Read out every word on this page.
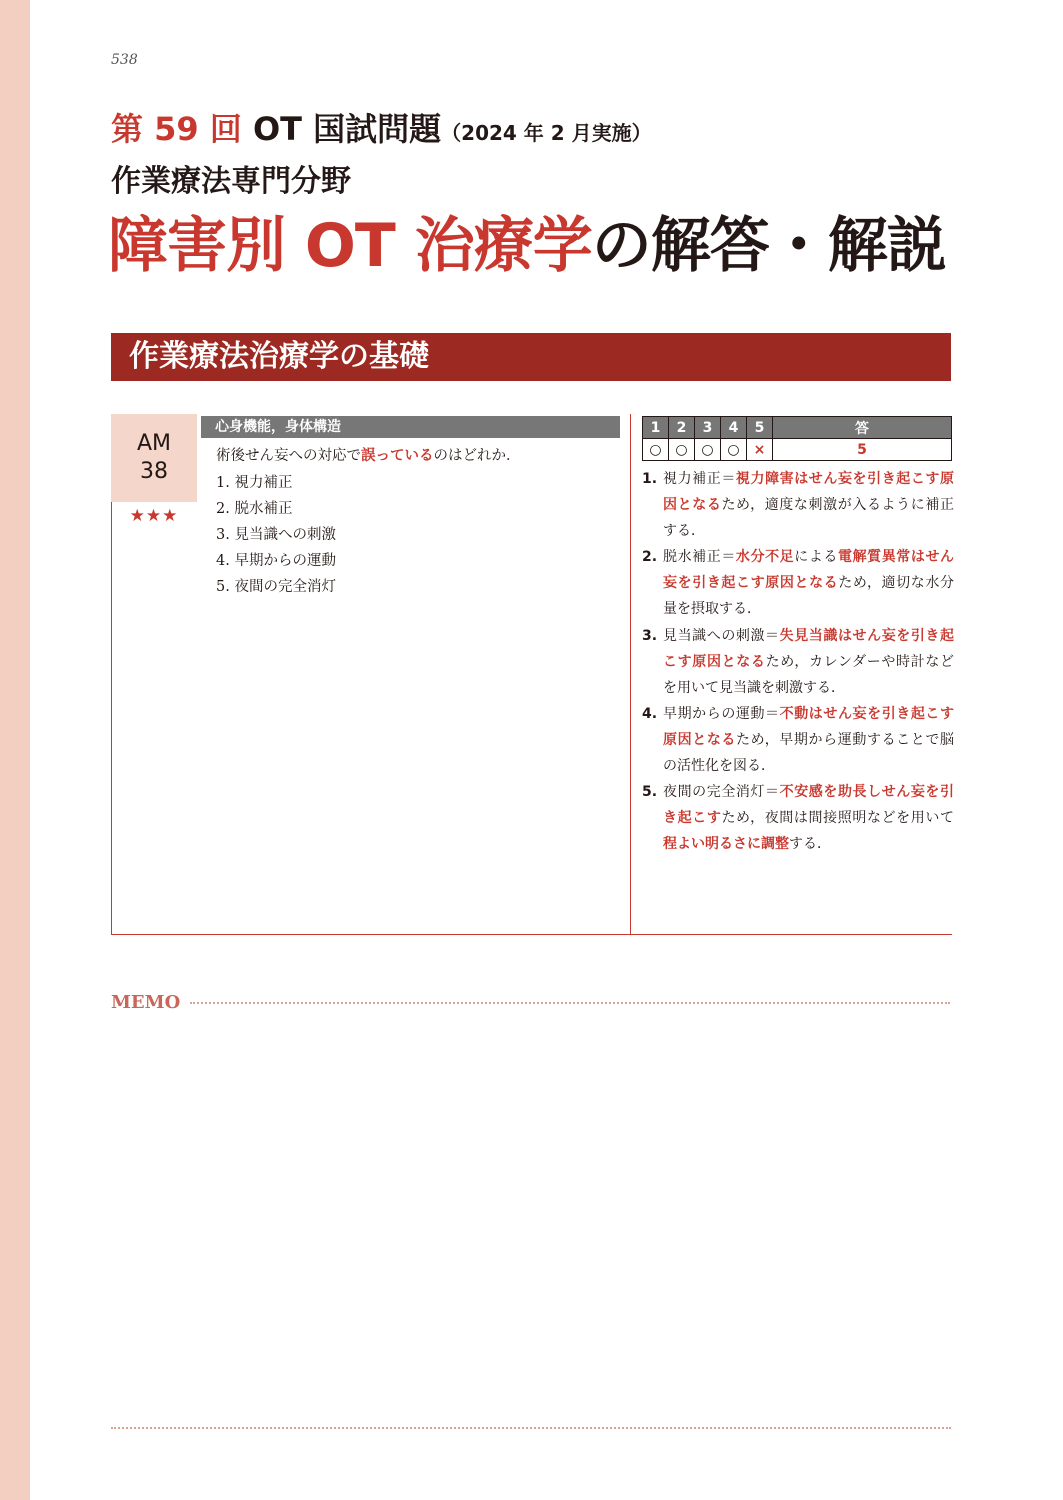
538
第 59 回 OT 国試問題（2024 年 2 月実施）
作業療法専門分野
障害別 OT 治療学の解答・解説
作業療法治療学の基礎
AM
38
★★★
心身機能，身体構造
術後せん妄への対応で誤っているのはどれか．
1. 視力補正
2. 脱水補正
3. 見当識への刺激
4. 早期からの運動
5. 夜間の完全消灯
1	2	3	4	5	答
○	○	○	○	×	5
1. 視力補正＝視力障害はせん妄を引き起こす原因となるため，適度な刺激が入るように補正する．
2. 脱水補正＝水分不足による電解質異常はせん妄を引き起こす原因となるため，適切な水分量を摂取する．
3. 見当識への刺激＝失見当識はせん妄を引き起こす原因となるため，カレンダーや時計などを用いて見当識を刺激する．
4. 早期からの運動＝不動はせん妄を引き起こす原因となるため，早期から運動することで脳の活性化を図る．
5. 夜間の完全消灯＝不安感を助長しせん妄を引き起こすため，夜間は間接照明などを用いて程よい明るさに調整する．
MEMO
